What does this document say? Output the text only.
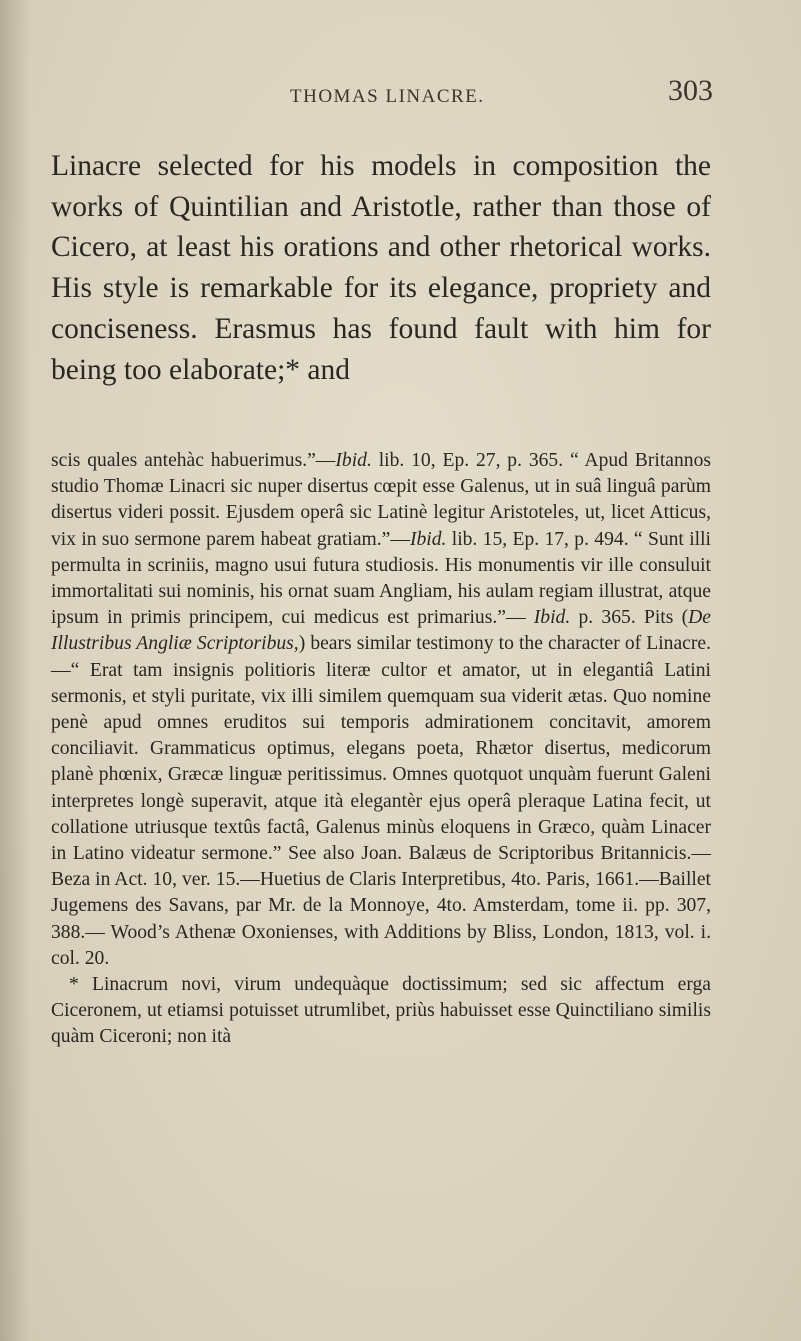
THOMAS LINACRE.	303

Linacre selected for his models in composition the works of Quintilian and Aristotle, rather than those of Cicero, at least his orations and other rhetorical works. His style is remarkable for its elegance, propriety and conciseness. Erasmus has found fault with him for being too elaborate;* and

scis quales antehàc habuerimus.”—Ibid. lib. 10, Ep. 27, p. 365. “ Apud Britannos studio Thomæ Linacri sic nuper disertus cœpit esse Galenus, ut in suâ linguâ parùm disertus videri possit. Ejusdem operâ sic Latinè legitur Aristoteles, ut, licet Atticus, vix in suo sermone parem habeat gratiam.”—Ibid. lib. 15, Ep. 17, p. 494. “ Sunt illi permulta in scriniis, magno usui futura studiosis. His monumentis vir ille consuluit immortalitati sui nominis, his ornat suam Angliam, his aulam regiam illustrat, atque ipsum in primis principem, cui medicus est primarius.”— Ibid. p. 365. Pits (De Illustribus Angliæ Scriptoribus,) bears similar testimony to the character of Linacre.—“ Erat tam insignis politioris literæ cultor et amator, ut in elegantiâ Latini sermonis, et styli puritate, vix illi similem quemquam sua viderit ætas. Quo nomine penè apud omnes eruditos sui temporis admirationem concitavit, amorem conciliavit. Grammaticus optimus, elegans poeta, Rhætor disertus, medicorum planè phœnix, Græcæ linguæ peritissimus. Omnes quotquot unquàm fuerunt Galeni interpretes longè superavit, atque ità elegantèr ejus operâ pleraque Latina fecit, ut collatione utriusque textûs factâ, Galenus minùs eloquens in Græco, quàm Linacer in Latino videatur sermone.” See also Joan. Balæus de Scriptoribus Britannicis.—Beza in Act. 10, ver. 15.—Huetius de Claris Interpretibus, 4to. Paris, 1661.—Baillet Jugemens des Savans, par Mr. de la Monnoye, 4to. Amsterdam, tome ii. pp. 307, 388.— Wood’s Athenæ Oxonienses, with Additions by Bliss, London, 1813, vol. i. col. 20.

* Linacrum novi, virum undequàque doctissimum; sed sic affectum erga Ciceronem, ut etiamsi potuisset utrumlibet, priùs habuisset esse Quinctiliano similis quàm Ciceroni; non ità
